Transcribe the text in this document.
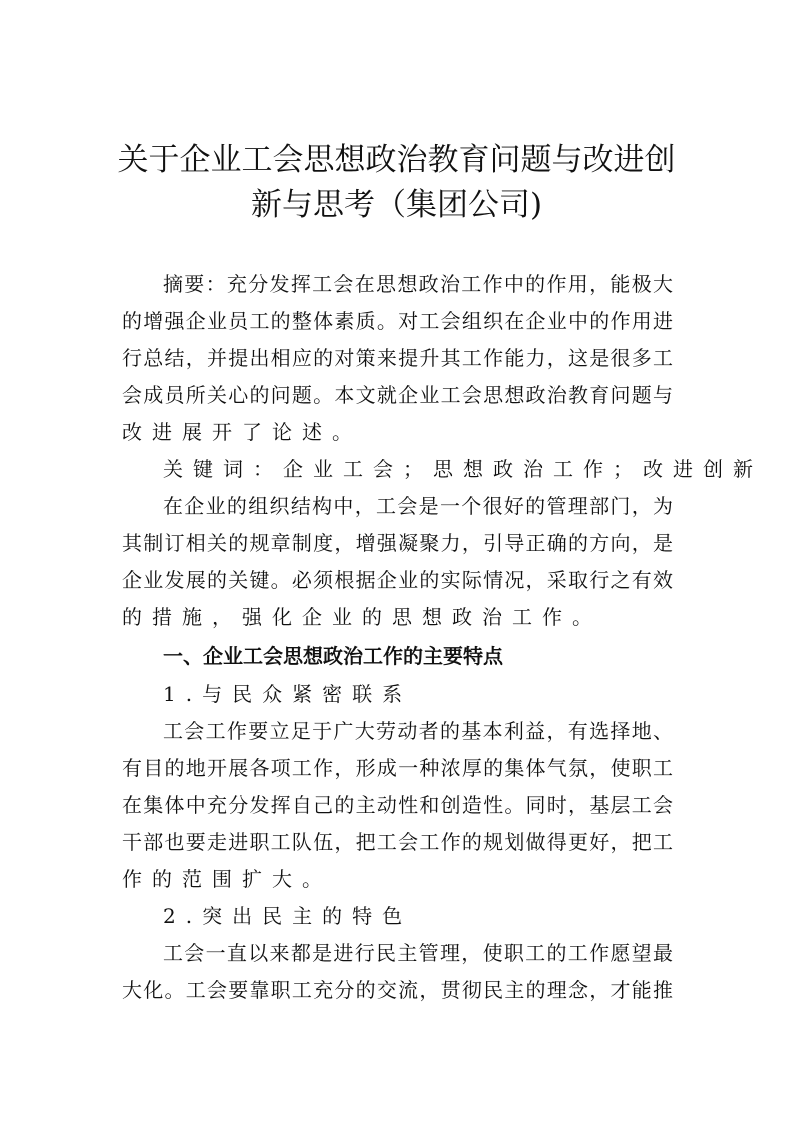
关于企业工会思想政治教育问题与改进创
新与思考（集团公司)
摘要：充分发挥工会在思想政治工作中的作用，能极大
的增强企业员工的整体素质。对工会组织在企业中的作用进
行总结，并提出相应的对策来提升其工作能力，这是很多工
会成员所关心的问题。本文就企业工会思想政治教育问题与
改进展开了论述。
关键词：企业工会；思想政治工作；改进创新
在企业的组织结构中，工会是一个很好的管理部门，为
其制订相关的规章制度，增强凝聚力，引导正确的方向，是
企业发展的关键。必须根据企业的实际情况，采取行之有效
的措施，强化企业的思想政治工作。
一、企业工会思想政治工作的主要特点
1.与民众紧密联系
工会工作要立足于广大劳动者的基本利益，有选择地、
有目的地开展各项工作，形成一种浓厚的集体气氛，使职工
在集体中充分发挥自己的主动性和创造性。同时，基层工会
干部也要走进职工队伍，把工会工作的规划做得更好，把工
作的范围扩大。
2.突出民主的特色
工会一直以来都是进行民主管理，使职工的工作愿望最
大化。工会要靠职工充分的交流，贯彻民主的理念，才能推
